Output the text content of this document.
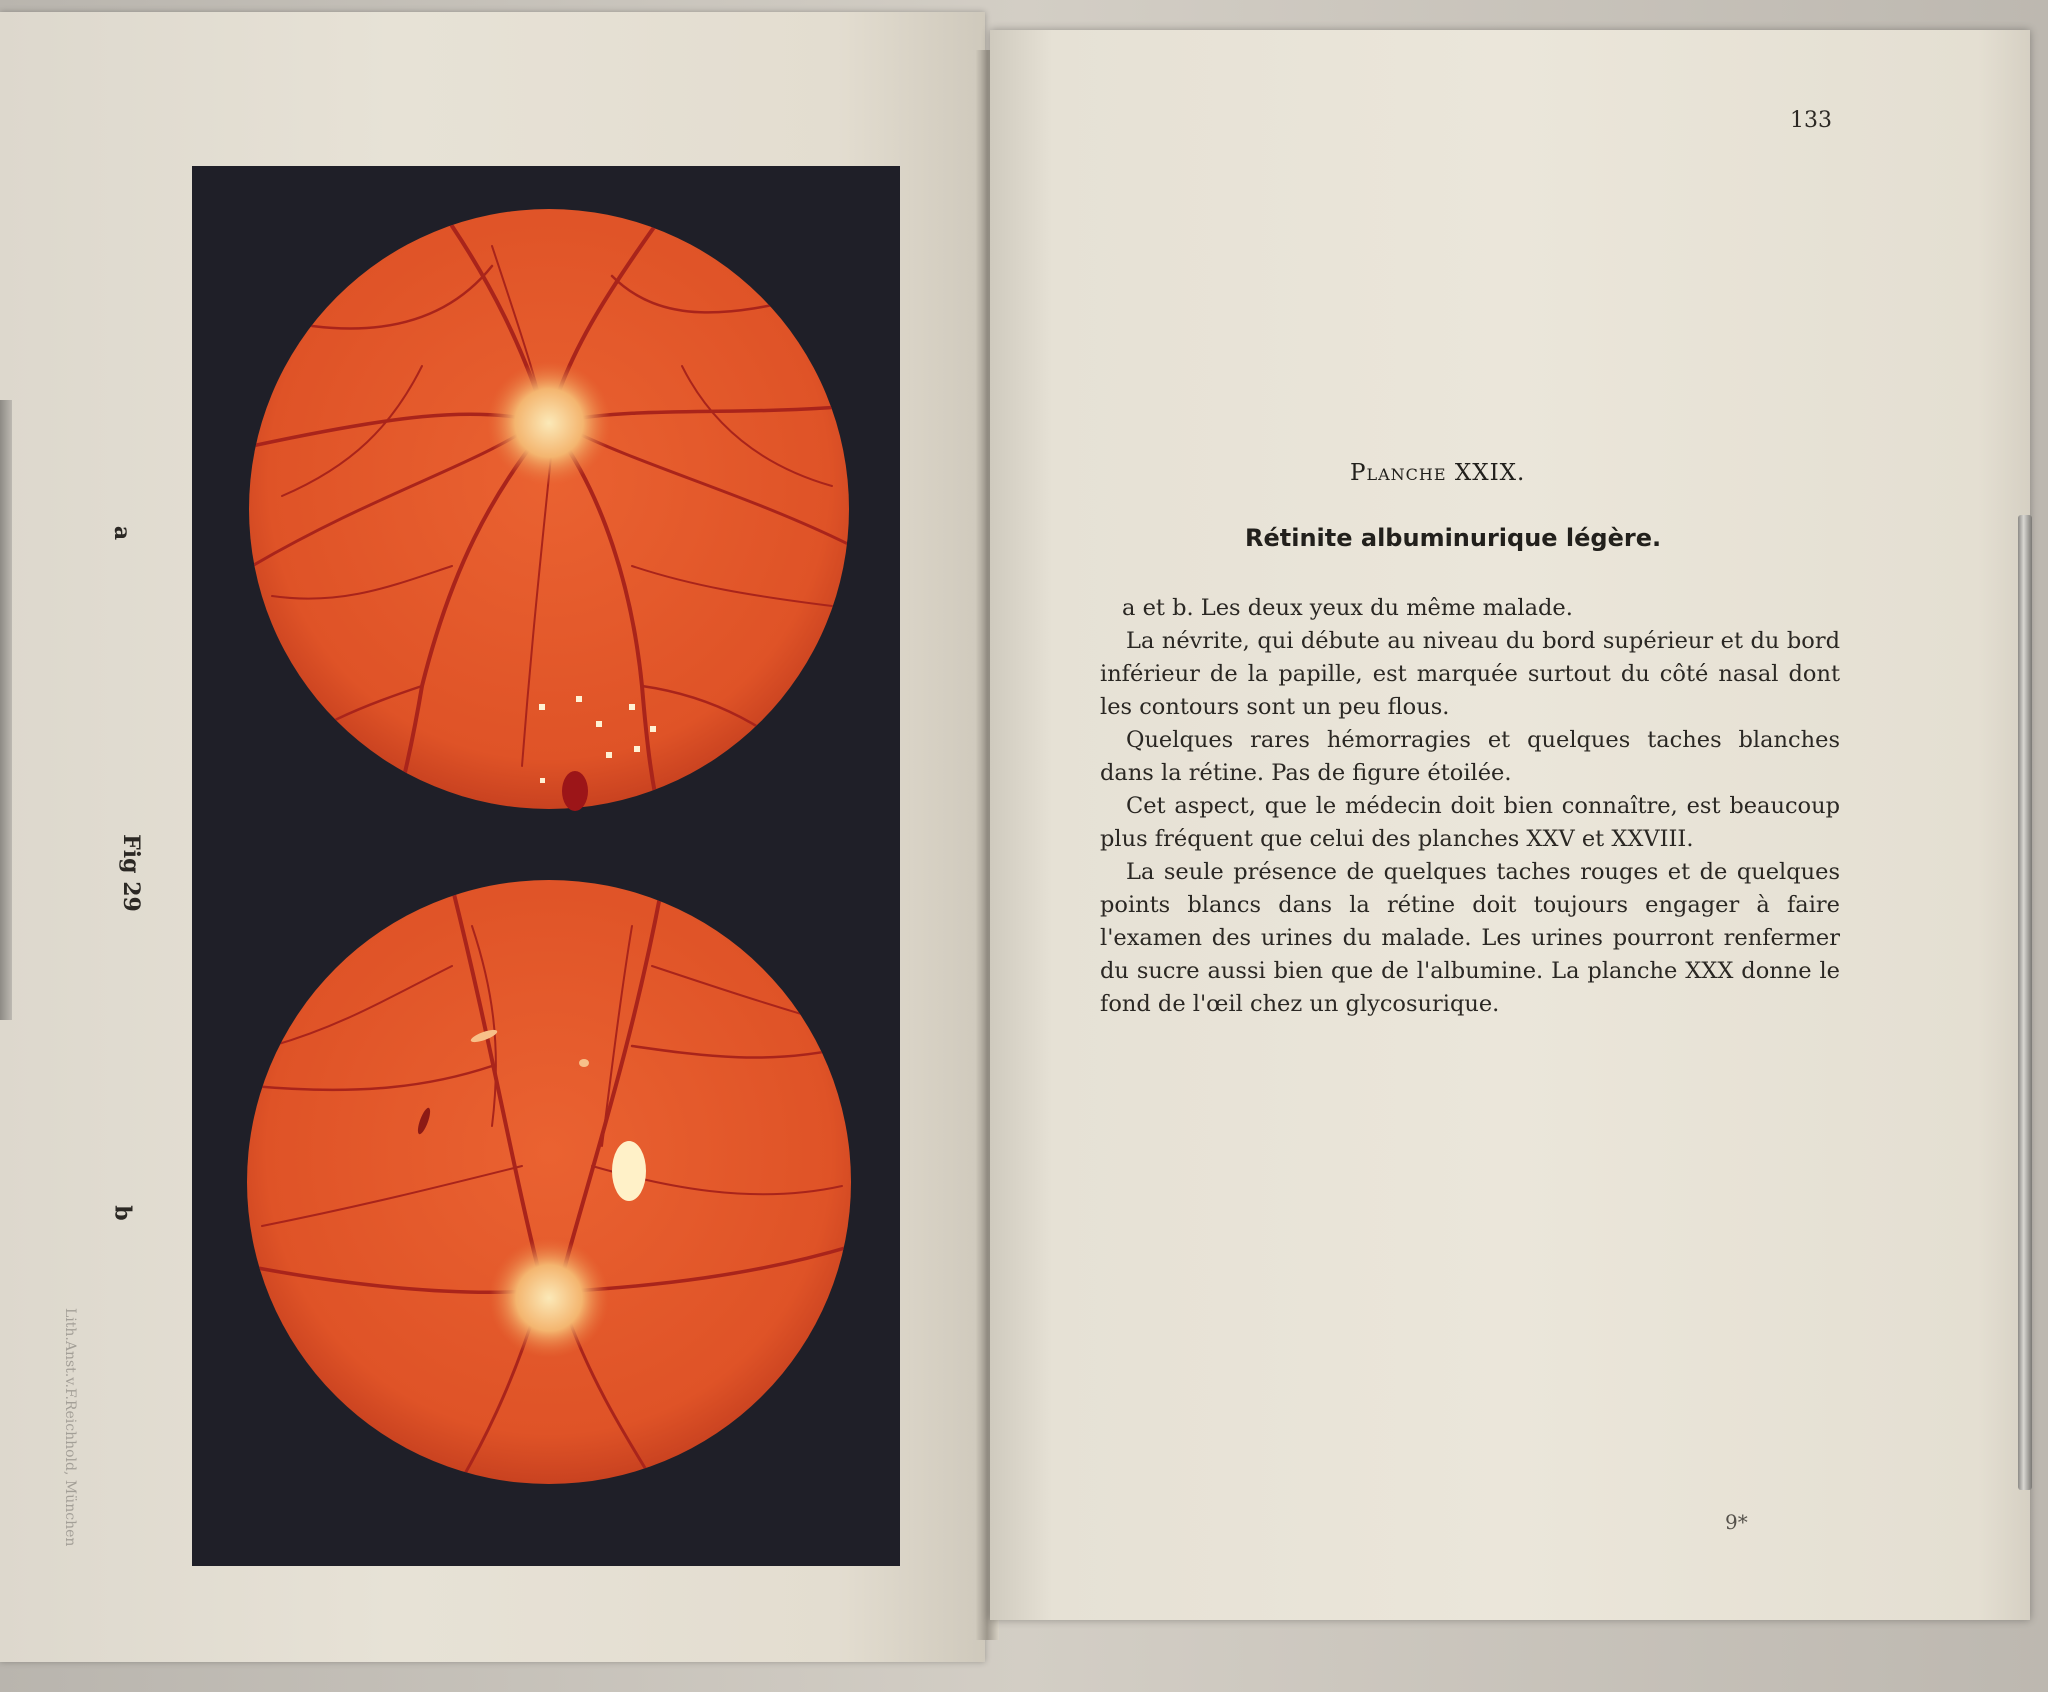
a
Fig 29
b
Lith.Anst.v.F.Reichhold, München
133
Planche XXIX.
Rétinite albuminurique légère.

a et b. Les deux yeux du même malade.

La névrite, qui débute au niveau du bord supérieur et du bord inférieur de la papille, est marquée surtout du côté nasal dont les contours sont un peu flous.

Quelques rares hémorragies et quelques taches blanches dans la rétine. Pas de figure étoilée.

Cet aspect, que le médecin doit bien connaître, est beaucoup plus fréquent que celui des planches XXV et XXVIII.

La seule présence de quelques taches rouges et de quelques points blancs dans la rétine doit toujours engager à faire l'examen des urines du malade. Les urines pourront renfermer du sucre aussi bien que de l'albumine. La planche XXX donne le fond de l'œil chez un glycosurique.

9*
